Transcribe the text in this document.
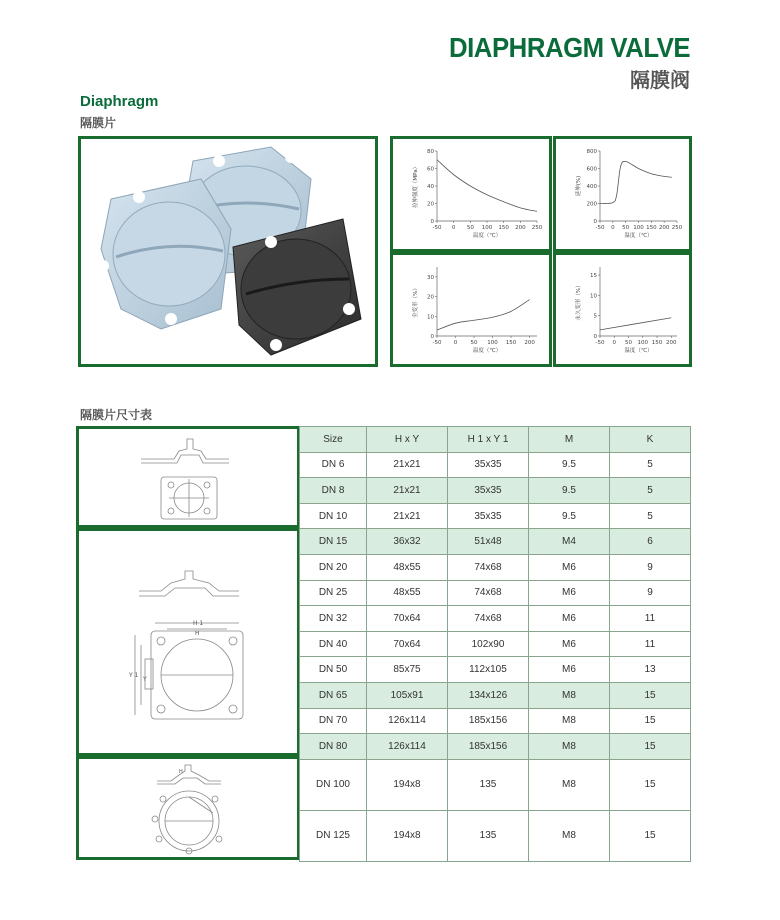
DIAPHRAGM VALVE
隔膜阀
Diaphragm
隔膜片
0
20
40
60
80
-50 0 50 100 150 200 250
温度（℃）
拉伸强度（MPa）
0
200
400
600
800
-50 0 50 100 150 200 250
温度（℃）
延伸(%)
0
10
20
30
-50 0 50 100 150 200
温度（℃）
全变形（%）
0
5
10
15
-50 0 50 100 150 200
温度（℃）
永久变形（%）
隔膜片尺寸表
H 1
H
Y 1
Y
H
Size	H x Y	H 1 x Y 1	M	K
DN 6	21x21	35x35	9.5	5
DN 8	21x21	35x35	9.5	5
DN 10	21x21	35x35	9.5	5
DN 15	36x32	51x48	M4	6
DN 20	48x55	74x68	M6	9
DN 25	48x55	74x68	M6	9
DN 32	70x64	74x68	M6	11
DN 40	70x64	102x90	M6	11
DN 50	85x75	112x105	M6	13
DN 65	105x91	134x126	M8	15
DN 70	126x114	185x156	M8	15
DN 80	126x114	185x156	M8	15
DN 100	194x8	135	M8	15
DN 125	194x8	135	M8	15
